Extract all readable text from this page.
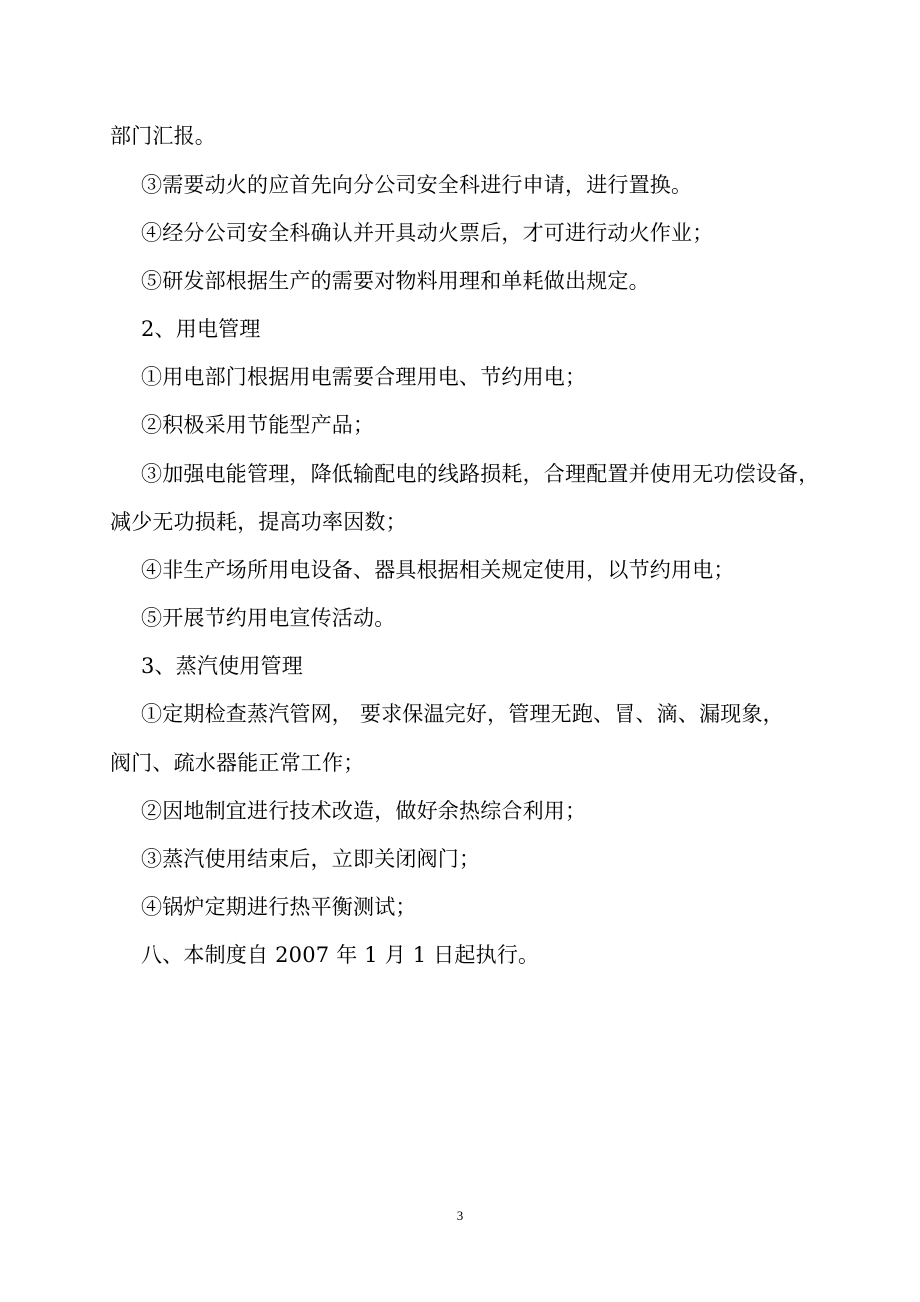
部门汇报。
③需要动火的应首先向分公司安全科进行申请，进行置换。
④经分公司安全科确认并开具动火票后，才可进行动火作业；
⑤研发部根据生产的需要对物料用理和单耗做出规定。
2、用电管理
①用电部门根据用电需要合理用电、节约用电；
②积极采用节能型产品；
③加强电能管理，降低输配电的线路损耗，合理配置并使用无功偿设备，
减少无功损耗，提高功率因数；
④非生产场所用电设备、器具根据相关规定使用，以节约用电；
⑤开展节约用电宣传活动。
3、蒸汽使用管理
①定期检查蒸汽管网， 要求保温完好，管理无跑、冒、滴、漏现象，
阀门、疏水器能正常工作；
②因地制宜进行技术改造，做好余热综合利用；
③蒸汽使用结束后，立即关闭阀门；
④锅炉定期进行热平衡测试；
八、本制度自 2007 年 1 月 1 日起执行。
3
